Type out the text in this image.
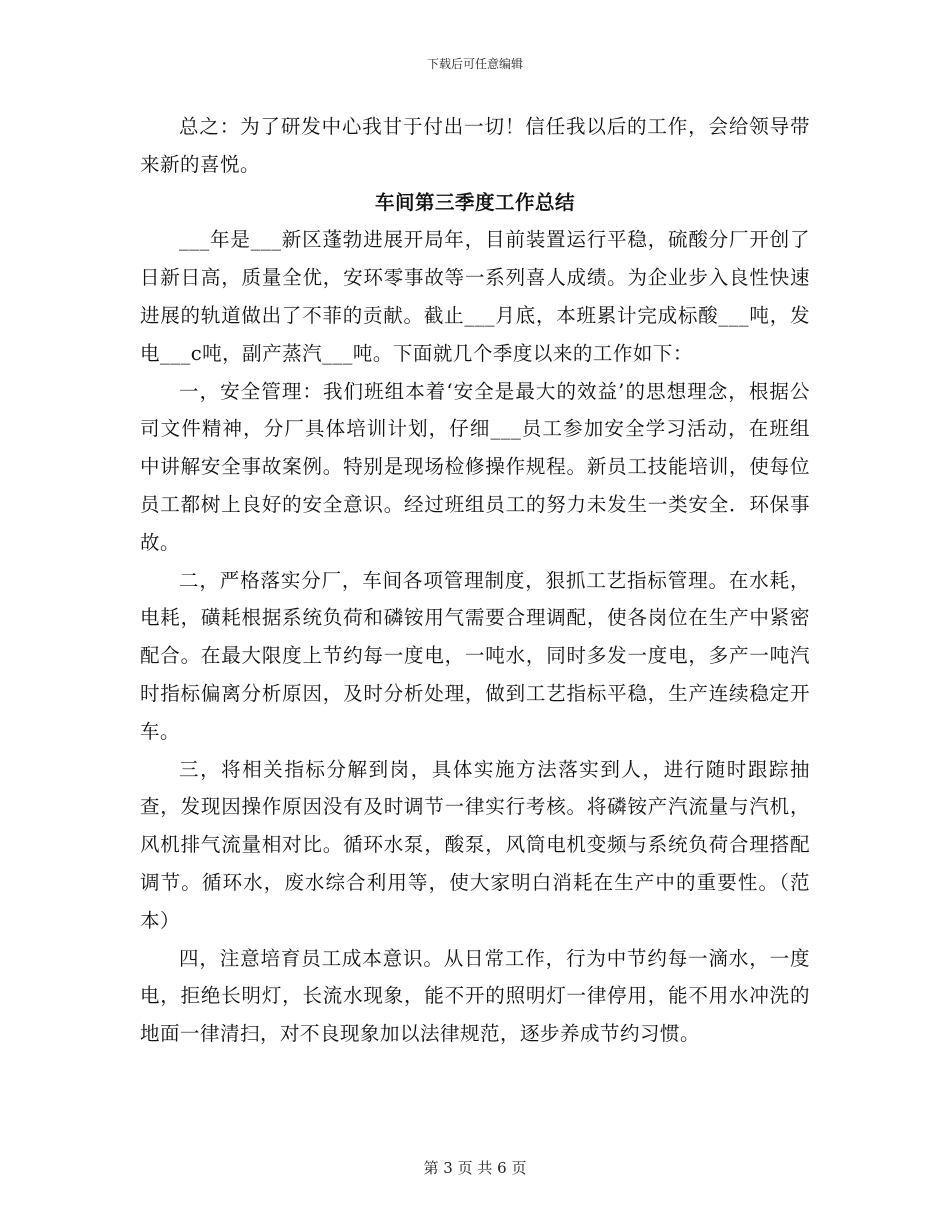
下载后可任意编辑

总之：为了研发中心我甘于付出一切！信任我以后的工作，会给领导带来新的喜悦。

车间第三季度工作总结

___年是___新区蓬勃进展开局年，目前装置运行平稳，硫酸分厂开创了日新日高，质量全优，安环零事故等一系列喜人成绩。为企业步入良性快速进展的轨道做出了不菲的贡献。截止___月底，本班累计完成标酸___吨，发电___c吨，副产蒸汽___吨。下面就几个季度以来的工作如下：

一，安全管理：我们班组本着‘安全是最大的效益’的思想理念，根据公司文件精神，分厂具体培训计划，仔细___员工参加安全学习活动，在班组中讲解安全事故案例。特别是现场检修操作规程。新员工技能培训，使每位员工都树上良好的安全意识。经过班组员工的努力未发生一类安全．环保事故。

二，严格落实分厂，车间各项管理制度，狠抓工艺指标管理。在水耗，电耗，磺耗根据系统负荷和磷铵用气需要合理调配，使各岗位在生产中紧密配合。在最大限度上节约每一度电，一吨水，同时多发一度电，多产一吨汽时指标偏离分析原因，及时分析处理，做到工艺指标平稳，生产连续稳定开车。

三，将相关指标分解到岗，具体实施方法落实到人，进行随时跟踪抽查，发现因操作原因没有及时调节一律实行考核。将磷铵产汽流量与汽机，风机排气流量相对比。循环水泵，酸泵，风筒电机变频与系统负荷合理搭配调节。循环水，废水综合利用等，使大家明白消耗在生产中的重要性。（范本）

四，注意培育员工成本意识。从日常工作，行为中节约每一滴水，一度电，拒绝长明灯，长流水现象，能不开的照明灯一律停用，能不用水冲洗的地面一律清扫，对不良现象加以法律规范，逐步养成节约习惯。

第 3 页 共 6 页
